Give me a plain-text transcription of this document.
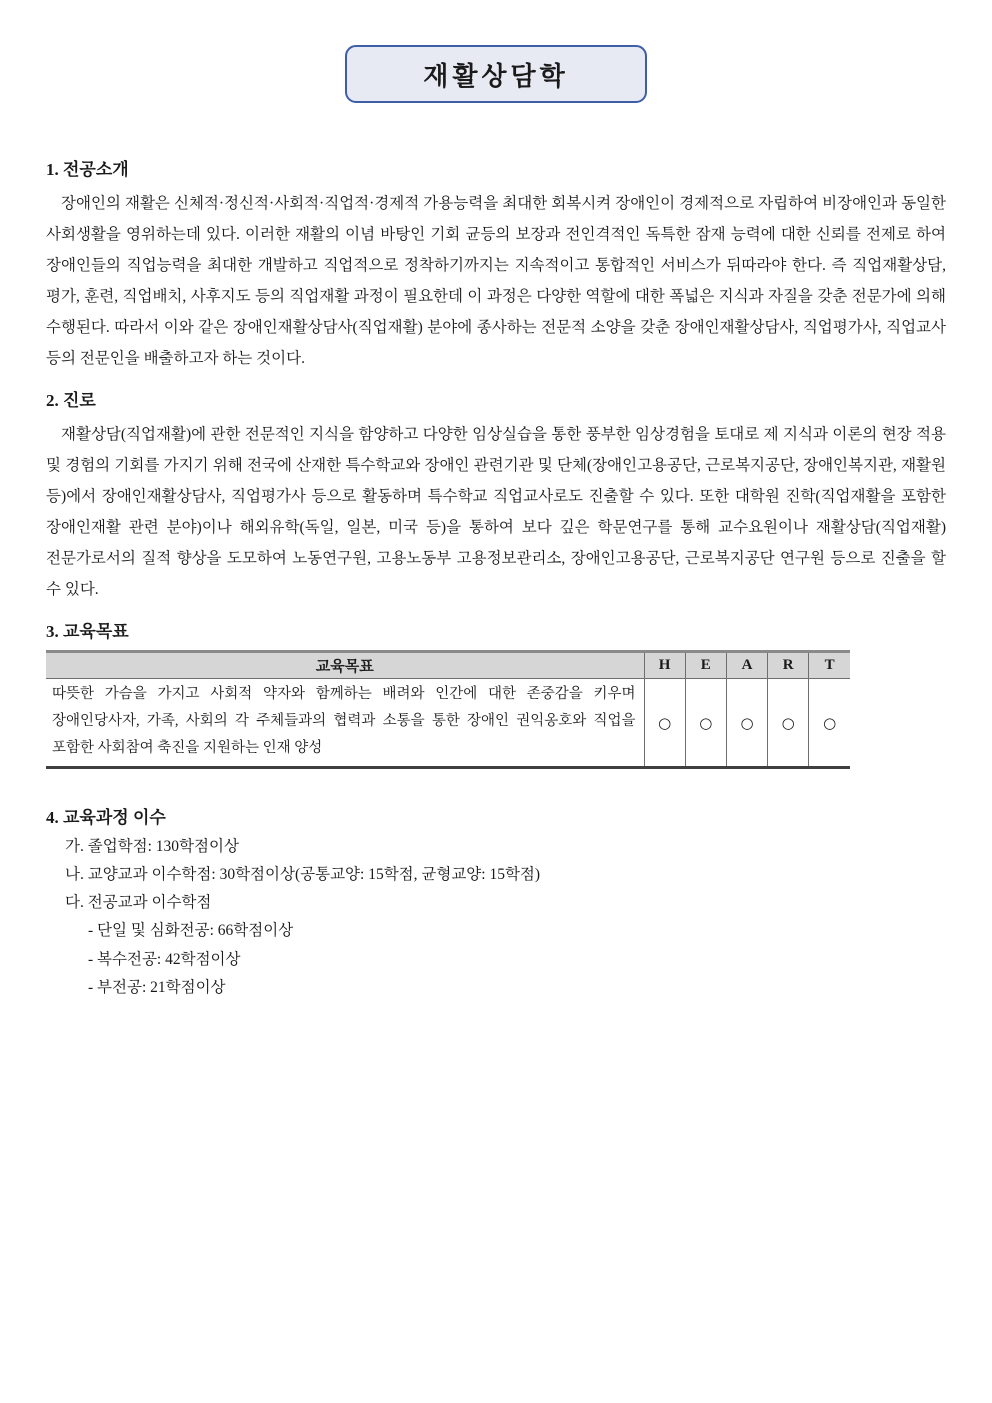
재활상담학
1. 전공소개

장애인의 재활은 신체적·정신적·사회적·직업적·경제적 가용능력을 최대한 회복시켜 장애인이 경제적으로 자립하여 비장애인과 동일한 사회생활을 영위하는데 있다. 이러한 재활의 이념 바탕인 기회 균등의 보장과 전인격적인 독특한 잠재 능력에 대한 신뢰를 전제로 하여 장애인들의 직업능력을 최대한 개발하고 직업적으로 정착하기까지는 지속적이고 통합적인 서비스가 뒤따라야 한다. 즉 직업재활상담, 평가, 훈련, 직업배치, 사후지도 등의 직업재활 과정이 필요한데 이 과정은 다양한 역할에 대한 폭넓은 지식과 자질을 갖춘 전문가에 의해 수행된다. 따라서 이와 같은 장애인재활상담사(직업재활) 분야에 종사하는 전문적 소양을 갖춘 장애인재활상담사, 직업평가사, 직업교사 등의 전문인을 배출하고자 하는 것이다.

2. 진로

재활상담(직업재활)에 관한 전문적인 지식을 함양하고 다양한 임상실습을 통한 풍부한 임상경험을 토대로 제 지식과 이론의 현장 적용 및 경험의 기회를 가지기 위해 전국에 산재한 특수학교와 장애인 관련기관 및 단체(장애인고용공단, 근로복지공단, 장애인복지관, 재활원 등)에서 장애인재활상담사, 직업평가사 등으로 활동하며 특수학교 직업교사로도 진출할 수 있다. 또한 대학원 진학(직업재활을 포함한 장애인재활 관련 분야)이나 해외유학(독일, 일본, 미국 등)을 통하여 보다 깊은 학문연구를 통해 교수요원이나 재활상담(직업재활) 전문가로서의 질적 향상을 도모하여 노동연구원, 고용노동부 고용정보관리소, 장애인고용공단, 근로복지공단 연구원 등으로 진출을 할 수 있다.

3. 교육목표
교육목표	H	E	A	R	T
따뜻한 가슴을 가지고 사회적 약자와 함께하는 배려와 인간에 대한 존중감을 키우며 장애인당사자, 가족, 사회의 각 주체들과의 협력과 소통을 통한 장애인 권익옹호와 직업을 포함한 사회참여 축진을 지원하는 인재 양성	○	○	○	○	○
4. 교육과정 이수
가. 졸업학점: 130학점이상
나. 교양교과 이수학점: 30학점이상(공통교양: 15학점, 균형교양: 15학점)
다. 전공교과 이수학점
- 단일 및 심화전공: 66학점이상
- 복수전공: 42학점이상
- 부전공: 21학점이상
